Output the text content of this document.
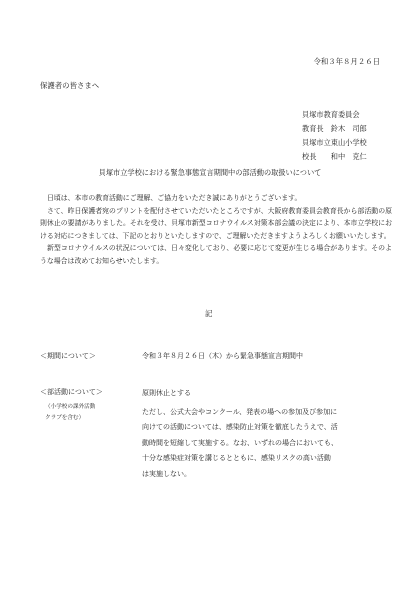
令和３年８月２６日
保護者の皆さまへ
貝塚市教育委員会
教育長　鈴木　司郎
貝塚市立東山小学校
校長　　和中　克仁
貝塚市立学校における緊急事態宣言期間中の部活動の取扱いについて

日頃は、本市の教育活動にご理解、ご協力をいただき誠にありがとうございます。

さて、昨日保護者宛のプリントを配付させていただいたところですが、大阪府教育委員会教育長から部活動の原則休止の要請がありました。それを受け、貝塚市新型コロナウイルス対策本部会議の決定により、本市立学校における対応につきましては、下記のとおりといたしますので、ご理解いただきますようよろしくお願いいたします。

新型コロナウイルスの状況については、日々変化しており、必要に応じて変更が生じる場合があります。そのような場合は改めてお知らせいたします。

記
＜期間について＞	令和３年８月２６日（木）から緊急事態宣言期間中
＜部活動について＞
（小学校の課外活動
クラブを含む）
原則休止とする
ただし、公式大会やコンクール、発表の場への参加及び参加に
向けての活動については、感染防止対策を徹底したうえで、活
動時間を短縮して実施する。なお、いずれの場合においても、
十分な感染症対策を講じるとともに、感染リスクの高い活動
は実施しない。
